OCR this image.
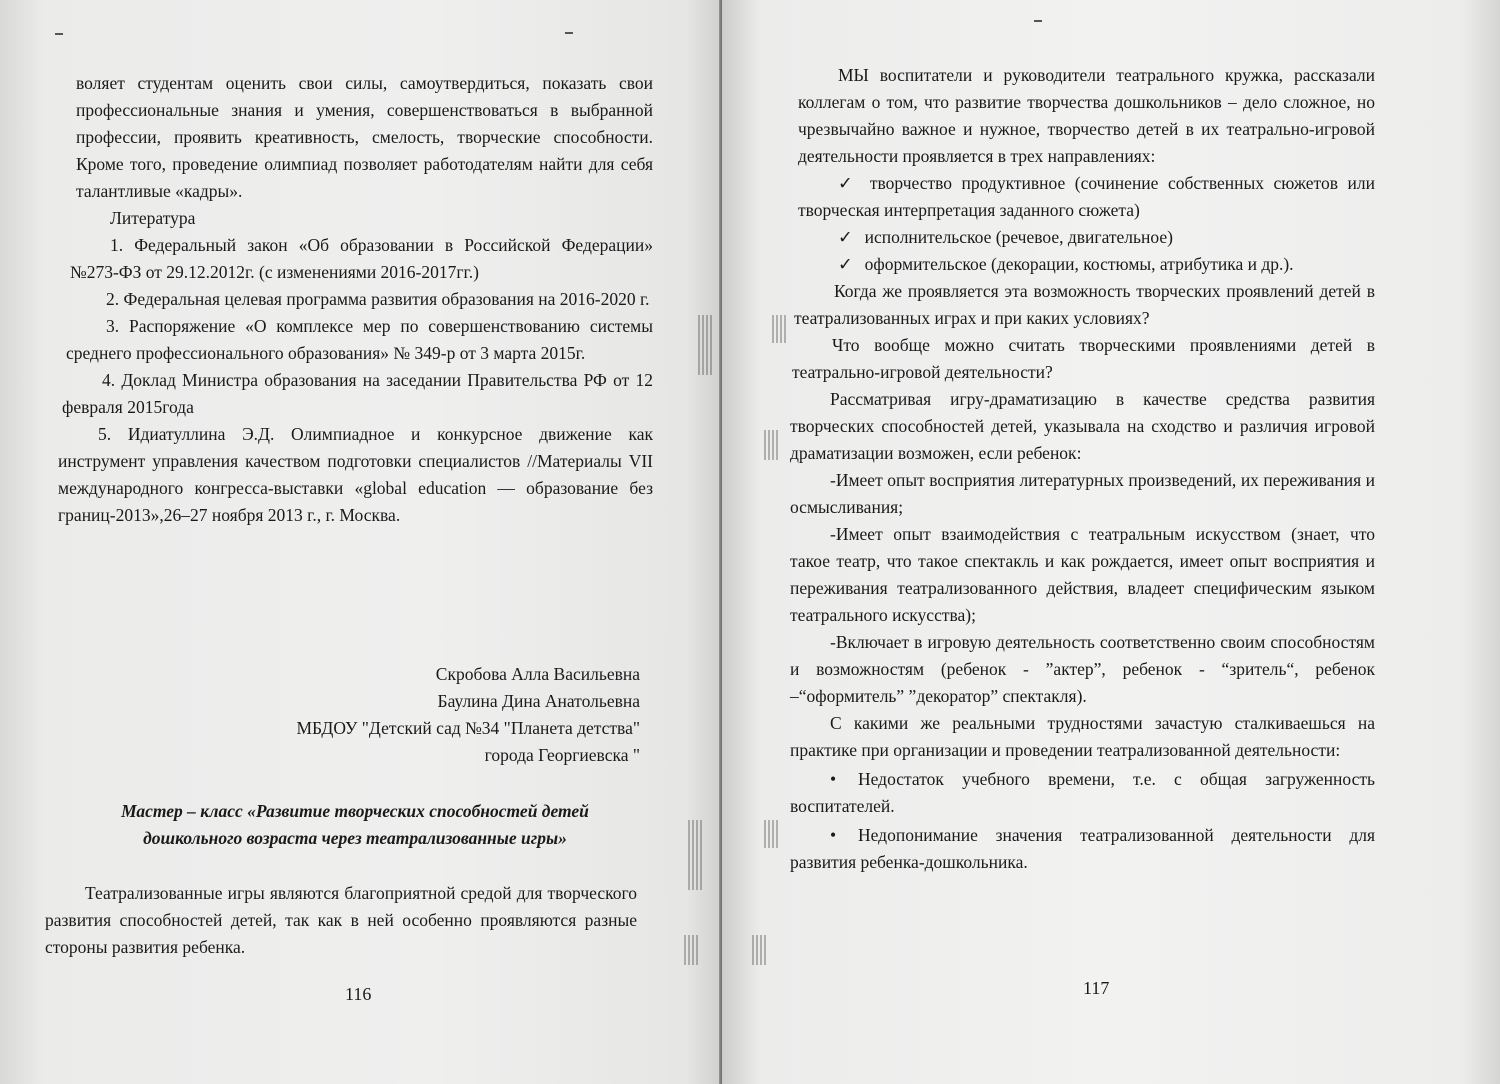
воляет студентам оценить свои силы, самоутвердиться, показать свои профессиональные знания и умения, совершенствоваться в выбранной профессии, проявить креативность, смелость, творческие способности. Кроме того, проведение олимпиад позволяет работодателям найти для себя талантливые «кадры».

Литература

1. Федеральный закон «Об образовании в Российской Федерации» №273-ФЗ от 29.12.2012г. (с изменениями 2016-2017гг.)

2. Федеральная целевая программа развития образования на 2016-2020 г.

3. Распоряжение «О комплексе мер по совершенствованию системы среднего профессионального образования» № 349-р от 3 марта 2015г.

4. Доклад Министра образования на заседании Правительства РФ от 12 февраля 2015года

5. Идиатуллина Э.Д. Олимпиадное и конкурсное движение как инструмент управления качеством подготовки специалистов //Материалы VII международного конгресса-выставки «global education — образование без границ-2013»,26–27 ноября 2013 г., г. Москва.

Скробова Алла Васильевна

Баулина Дина Анатольевна

МБДОУ "Детский сад №34 "Планета детства"

города Георгиевска "

Мастер – класс «Развитие творческих способностей детей

дошкольного возраста через театрализованные игры»

Театрализованные игры являются благоприятной средой для творческого развития способностей детей, так как в ней особенно проявляются разные стороны развития ребенка.

116

МЫ воспитатели и руководители театрального кружка, рассказали коллегам о том, что развитие творчества дошкольников – дело сложное, но чрезвычайно важное и нужное, творчество детей в их театрально-игровой деятельности проявляется в трех направлениях:

✓ творчество продуктивное (сочинение собственных сюжетов или творческая интерпретация заданного сюжета)

✓ исполнительское (речевое, двигательное)

✓ оформительское (декорации, костюмы, атрибутика и др.).

Когда же проявляется эта возможность творческих проявлений детей в театрализованных играх и при каких условиях?

Что вообще можно считать творческими проявлениями детей в театрально-игровой деятельности?

Рассматривая игру-драматизацию в качестве средства развития творческих способностей детей, указывала на сходство и различия игровой драматизации возможен, если ребенок:

-Имеет опыт восприятия литературных произведений, их переживания и осмысливания;

-Имеет опыт взаимодействия с театральным искусством (знает, что такое театр, что такое спектакль и как рождается, имеет опыт восприятия и переживания театрализованного действия, владеет специфическим языком театрального искусства);

-Включает в игровую деятельность соответственно своим способностям и возможностям (ребенок - ”актер”, ребенок - “зритель“, ребенок –“оформитель” ”декоратор” спектакля).

С какими же реальными трудностями зачастую сталкиваешься на практике при организации и проведении театрализованной деятельности:

• Недостаток учебного времени, т.е. с общая загруженность воспитателей.

• Недопонимание значения театрализованной деятельности для развития ребенка-дошкольника.

117
